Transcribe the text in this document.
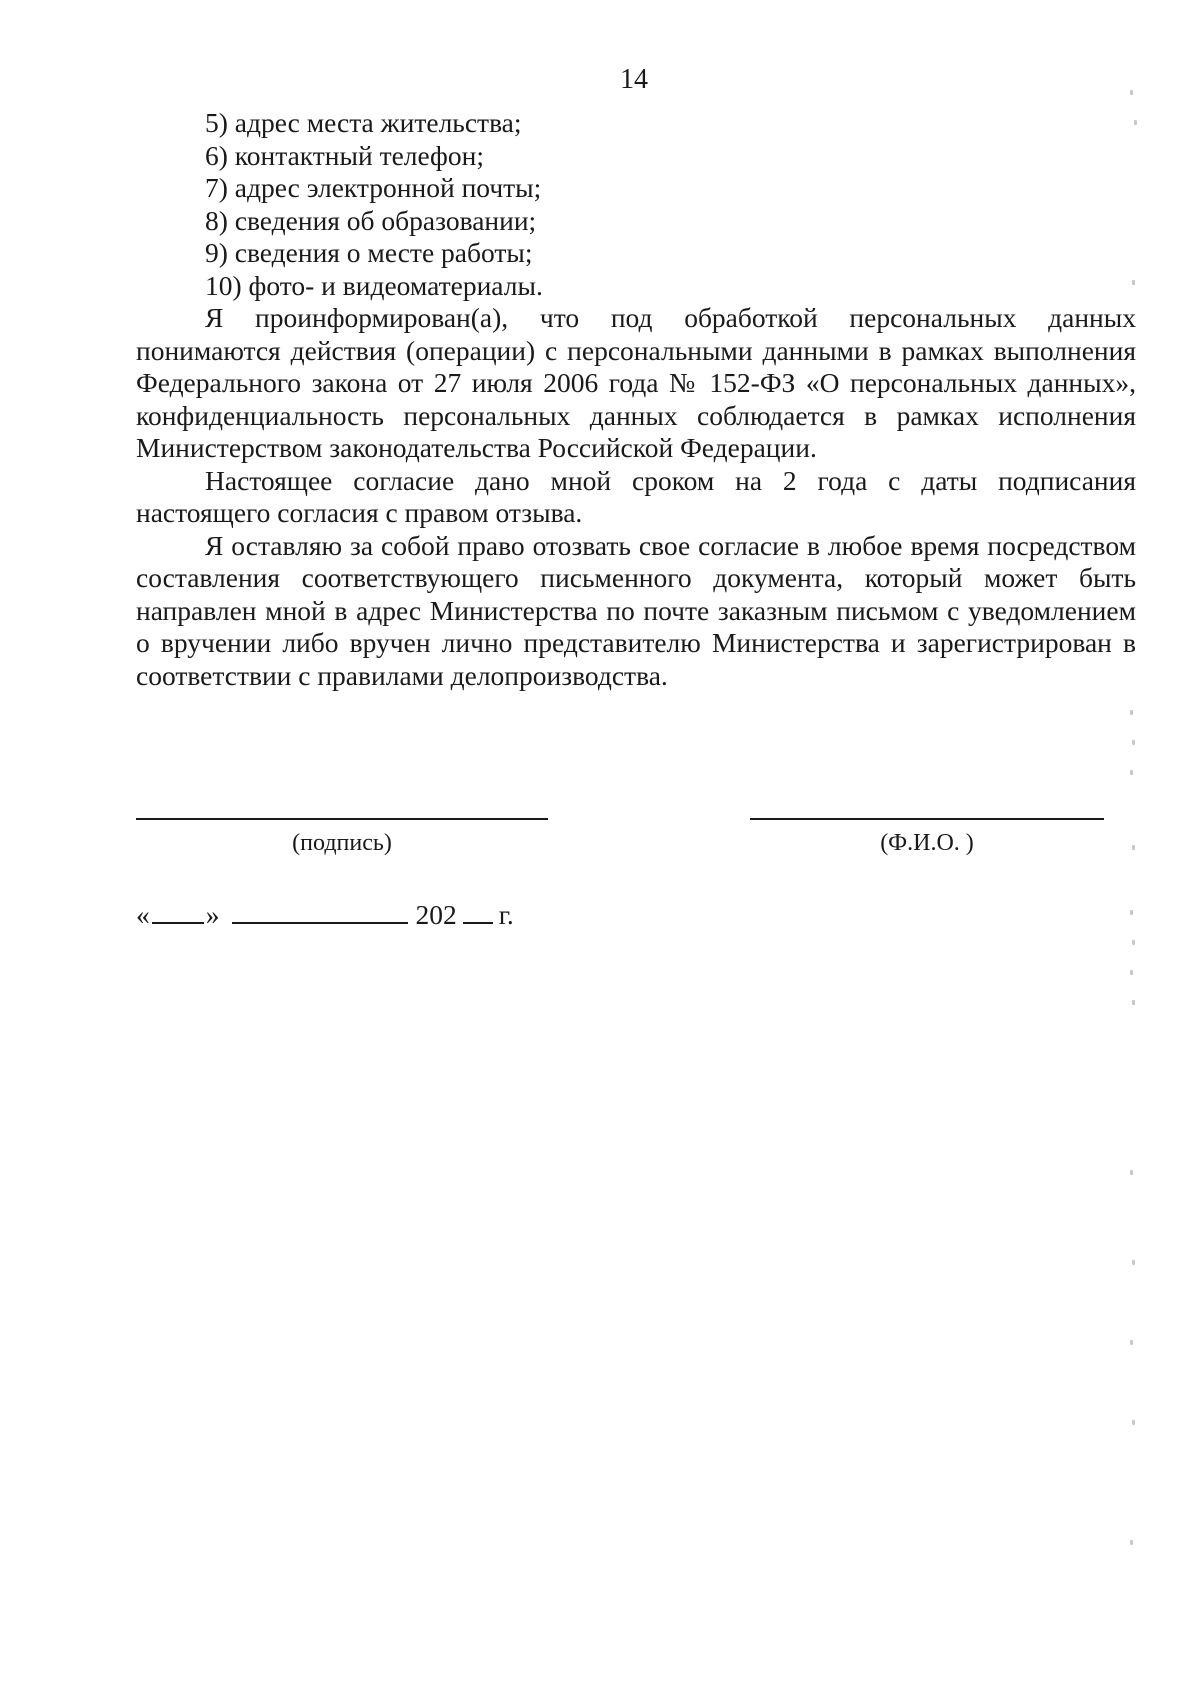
14
5) адрес места жительства;
6) контактный телефон;
7) адрес электронной почты;
8) сведения об образовании;
9) сведения о месте работы;
10) фото- и видеоматериалы.

Я проинформирован(а), что под обработкой персональных данных понимаются действия (операции) с персональными данными в рамках выполнения Федерального закона от 27 июля 2006 года № 152-ФЗ «О персональных данных», конфиденциальность персональных данных соблюдается в рамках исполнения Министерством законодательства Российской Федерации.

Настоящее согласие дано мной сроком на 2 года с даты подписания настоящего согласия с правом отзыва.

Я оставляю за собой право отозвать свое согласие в любое время посредством составления соответствующего письменного документа, который может быть направлен мной в адрес Министерства по почте заказным письмом с уведомлением о вручении либо вручен лично представителю Министерства и зарегистрирован в соответствии с правилами делопроизводства.

(подпись)	(Ф.И.О. )
« »	202 г.
